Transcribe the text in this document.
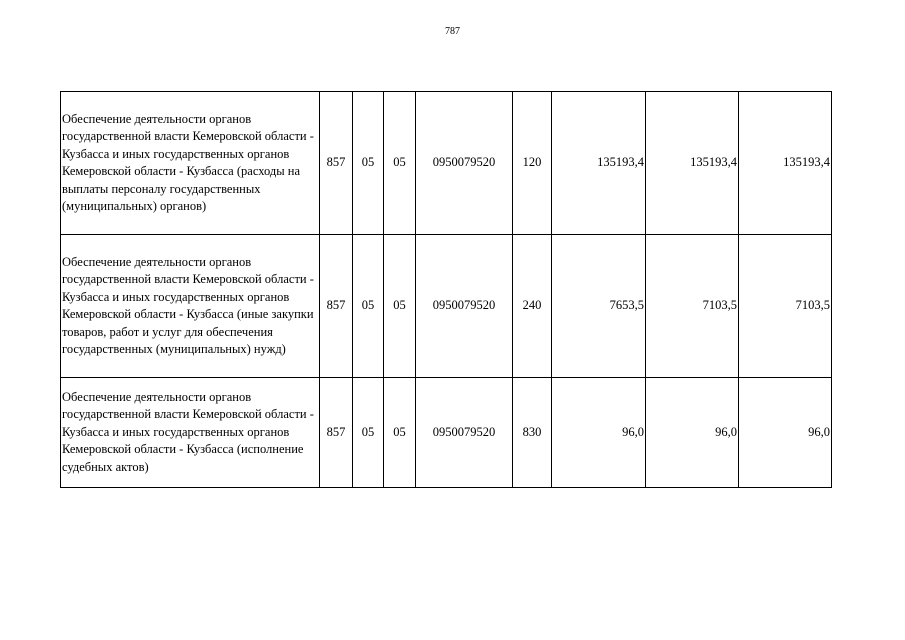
787
Обеспечение деятельности органов государственной власти Кемеровской области - Кузбасса и иных государственных органов Кемеровской области - Кузбасса (расходы на выплаты персоналу государственных (муниципальных) органов)	857	05	05	0950079520	120	135193,4	135193,4	135193,4
Обеспечение деятельности органов государственной власти Кемеровской области - Кузбасса и иных государственных органов Кемеровской области - Кузбасса (иные закупки товаров, работ и услуг для обеспечения государственных (муниципальных) нужд)	857	05	05	0950079520	240	7653,5	7103,5	7103,5
Обеспечение деятельности органов государственной власти Кемеровской области - Кузбасса и иных государственных органов Кемеровской области - Кузбасса (исполнение судебных актов)	857	05	05	0950079520	830	96,0	96,0	96,0
